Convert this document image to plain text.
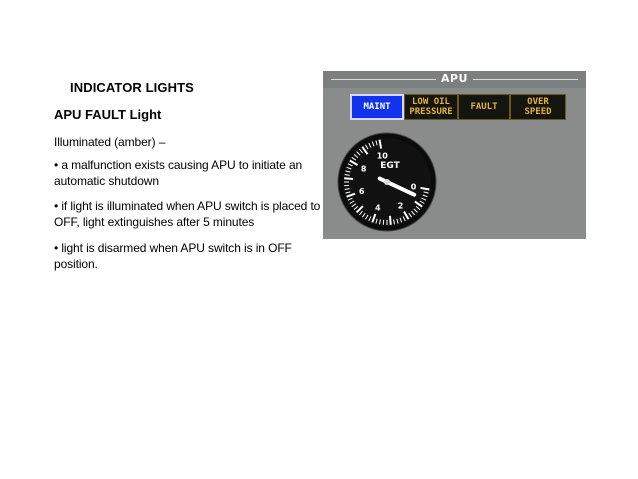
INDICATOR LIGHTS
APU FAULT Light
Illuminated (amber) –
• a malfunction exists causing APU to initiate an automatic shutdown
• if light is illuminated when APU switch is placed to OFF, light extinguishes after 5 minutes
• light is disarmed when APU switch is in OFF position.
APU
MAINT	LOW OIL
PRESSURE FAULT	OVER
SPEED
0
2
4
6
8
10
EGT
